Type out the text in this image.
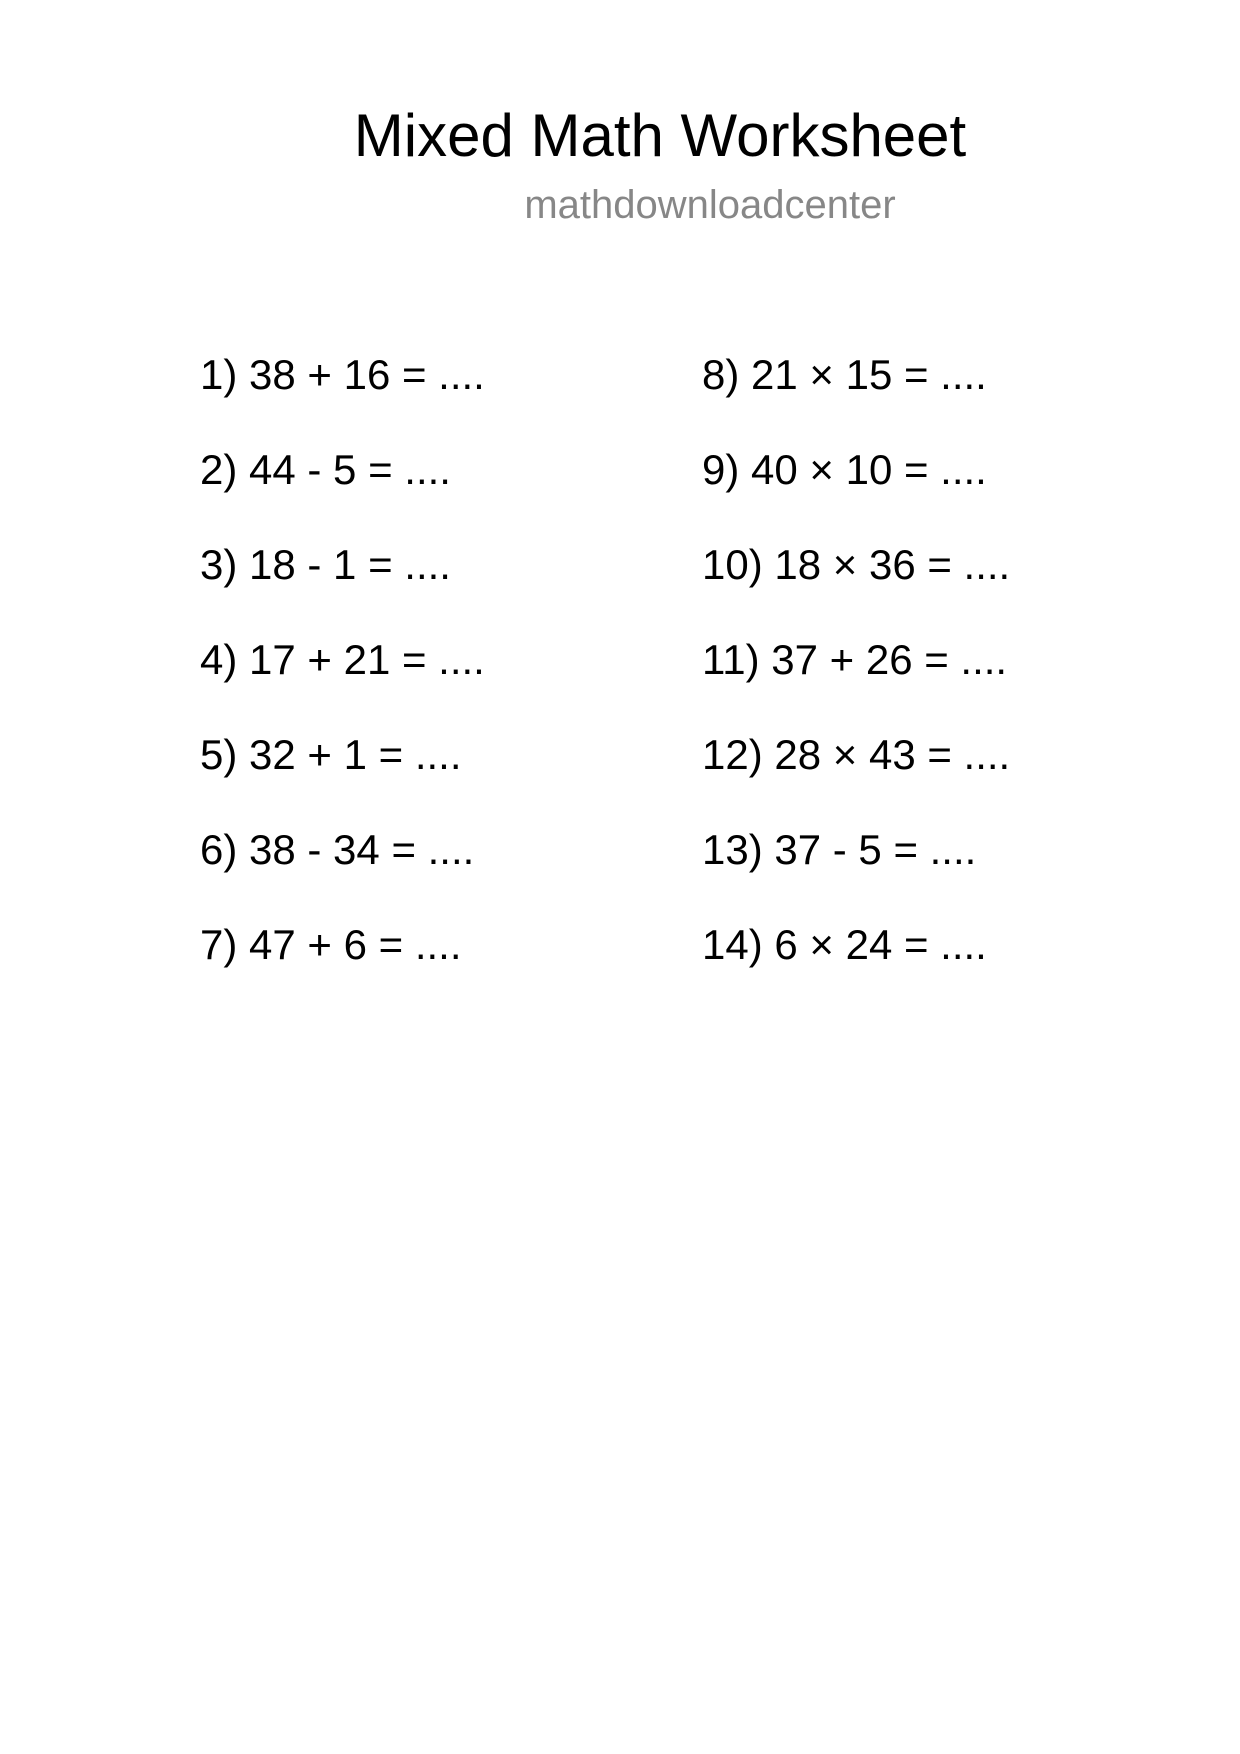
Mixed Math Worksheet
mathdownloadcenter
1) 38 + 16 = ....
2) 44 - 5 = ....
3) 18 - 1 = ....
4) 17 + 21 = ....
5) 32 + 1 = ....
6) 38 - 34 = ....
7) 47 + 6 = ....
8) 21 × 15 = ....
9) 40 × 10 = ....
10) 18 × 36 = ....
11) 37 + 26 = ....
12) 28 × 43 = ....
13) 37 - 5 = ....
14) 6 × 24 = ....
